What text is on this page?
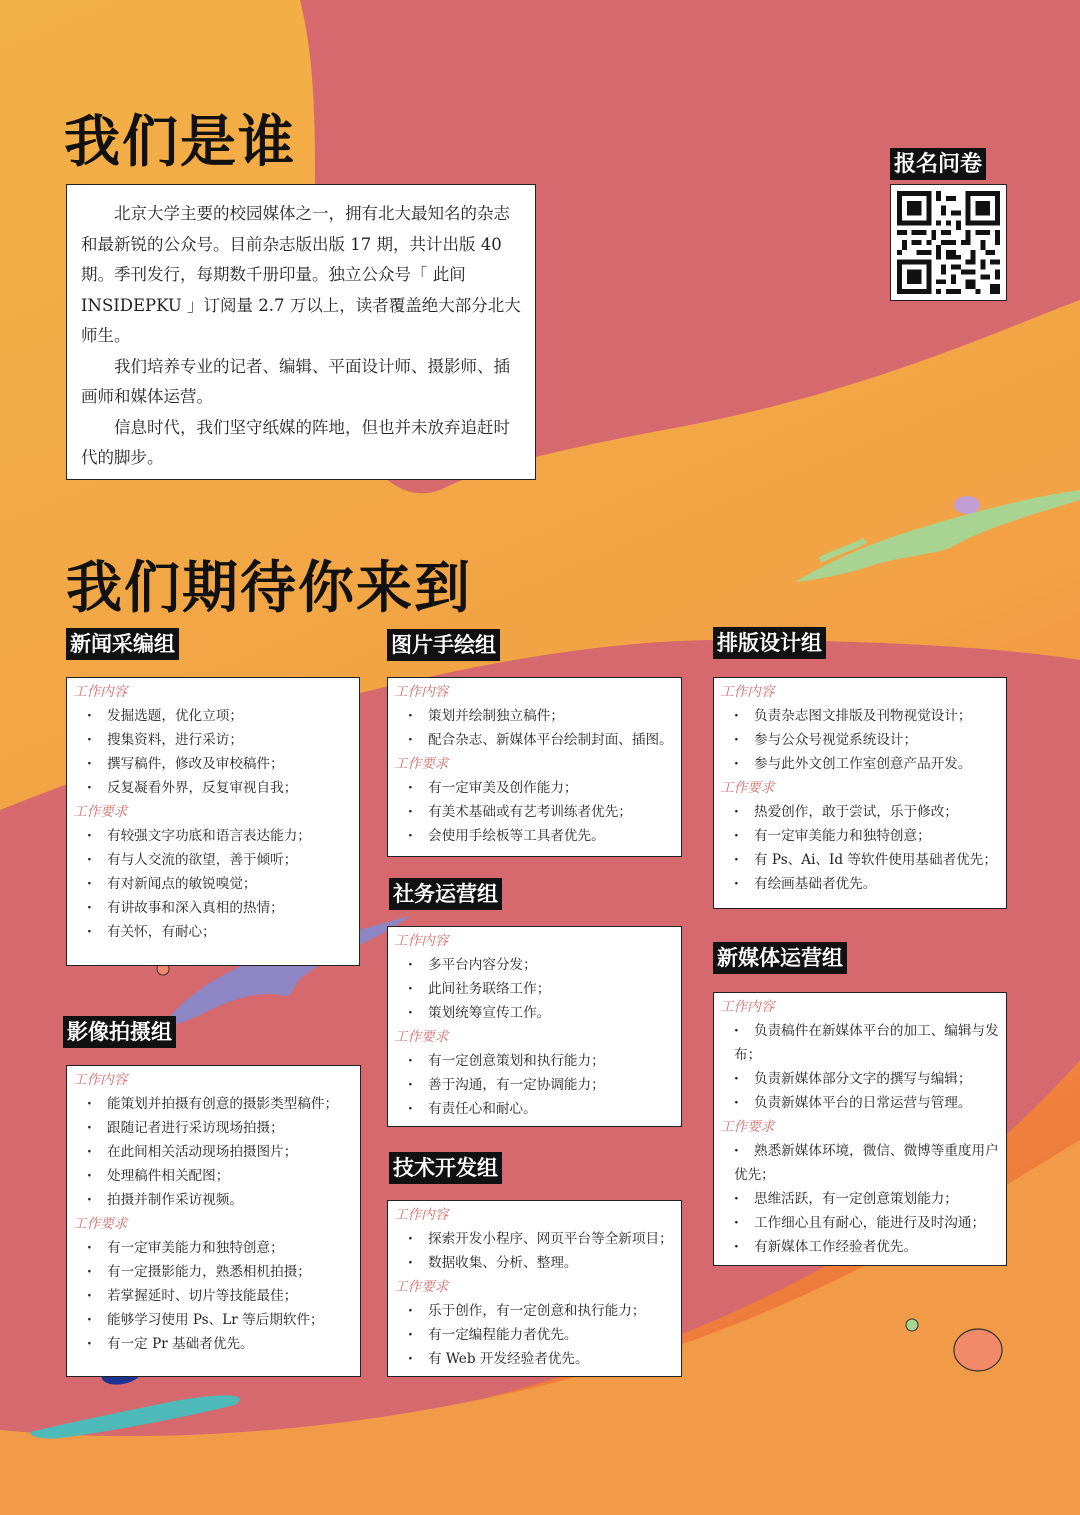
我们是谁

北京大学主要的校园媒体之一，拥有北大最知名的杂志和最新锐的公众号。目前杂志版出版 17 期，共计出版 40 期。季刊发行，每期数千册印量。独立公众号「 此间 INSIDEPKU 」订阅量 2.7 万以上，读者覆盖绝大部分北大师生。

我们培养专业的记者、编辑、平面设计师、摄影师、插画师和媒体运营。

信息时代，我们坚守纸媒的阵地，但也并未放弃追赶时代的脚步。

报名问卷
我们期待你来到
新闻采编组
工作内容
· 发掘选题，优化立项；
· 搜集资料，进行采访；
· 撰写稿件，修改及审校稿件；
· 反复凝看外界，反复审视自我；
工作要求
· 有较强文字功底和语言表达能力；
· 有与人交流的欲望，善于倾听；
· 有对新闻点的敏锐嗅觉；
· 有讲故事和深入真相的热情；
· 有关怀，有耐心；
图片手绘组
工作内容
· 策划并绘制独立稿件；
· 配合杂志、新媒体平台绘制封面、插图。
工作要求
· 有一定审美及创作能力；
· 有美术基础或有艺考训练者优先；
· 会使用手绘板等工具者优先。
排版设计组
工作内容
· 负责杂志图文排版及刊物视觉设计；
· 参与公众号视觉系统设计；
· 参与此外文创工作室创意产品开发。
工作要求
· 热爱创作，敢于尝试，乐于修改；
· 有一定审美能力和独特创意；
· 有 Ps、Ai、Id 等软件使用基础者优先；
· 有绘画基础者优先。
社务运营组
工作内容
· 多平台内容分发；
· 此间社务联络工作；
· 策划统筹宣传工作。
工作要求
· 有一定创意策划和执行能力；
· 善于沟通，有一定协调能力；
· 有责任心和耐心。
新媒体运营组
工作内容
· 负责稿件在新媒体平台的加工、编辑与发布；
· 负责新媒体部分文字的撰写与编辑；
· 负责新媒体平台的日常运营与管理。
工作要求
· 熟悉新媒体环境，微信、微博等重度用户优先；
· 思维活跃，有一定创意策划能力；
· 工作细心且有耐心，能进行及时沟通；
· 有新媒体工作经验者优先。
影像拍摄组
工作内容
· 能策划并拍摄有创意的摄影类型稿件；
· 跟随记者进行采访现场拍摄；
· 在此间相关活动现场拍摄图片；
· 处理稿件相关配图；
· 拍摄并制作采访视频。
工作要求
· 有一定审美能力和独特创意；
· 有一定摄影能力，熟悉相机拍摄；
· 若掌握延时、切片等技能最佳；
· 能够学习使用 Ps、Lr 等后期软件；
· 有一定 Pr 基础者优先。
技术开发组
工作内容
· 探索开发小程序、网页平台等全新项目；
· 数据收集、分析、整理。
工作要求
· 乐于创作，有一定创意和执行能力；
· 有一定编程能力者优先。
· 有 Web 开发经验者优先。
